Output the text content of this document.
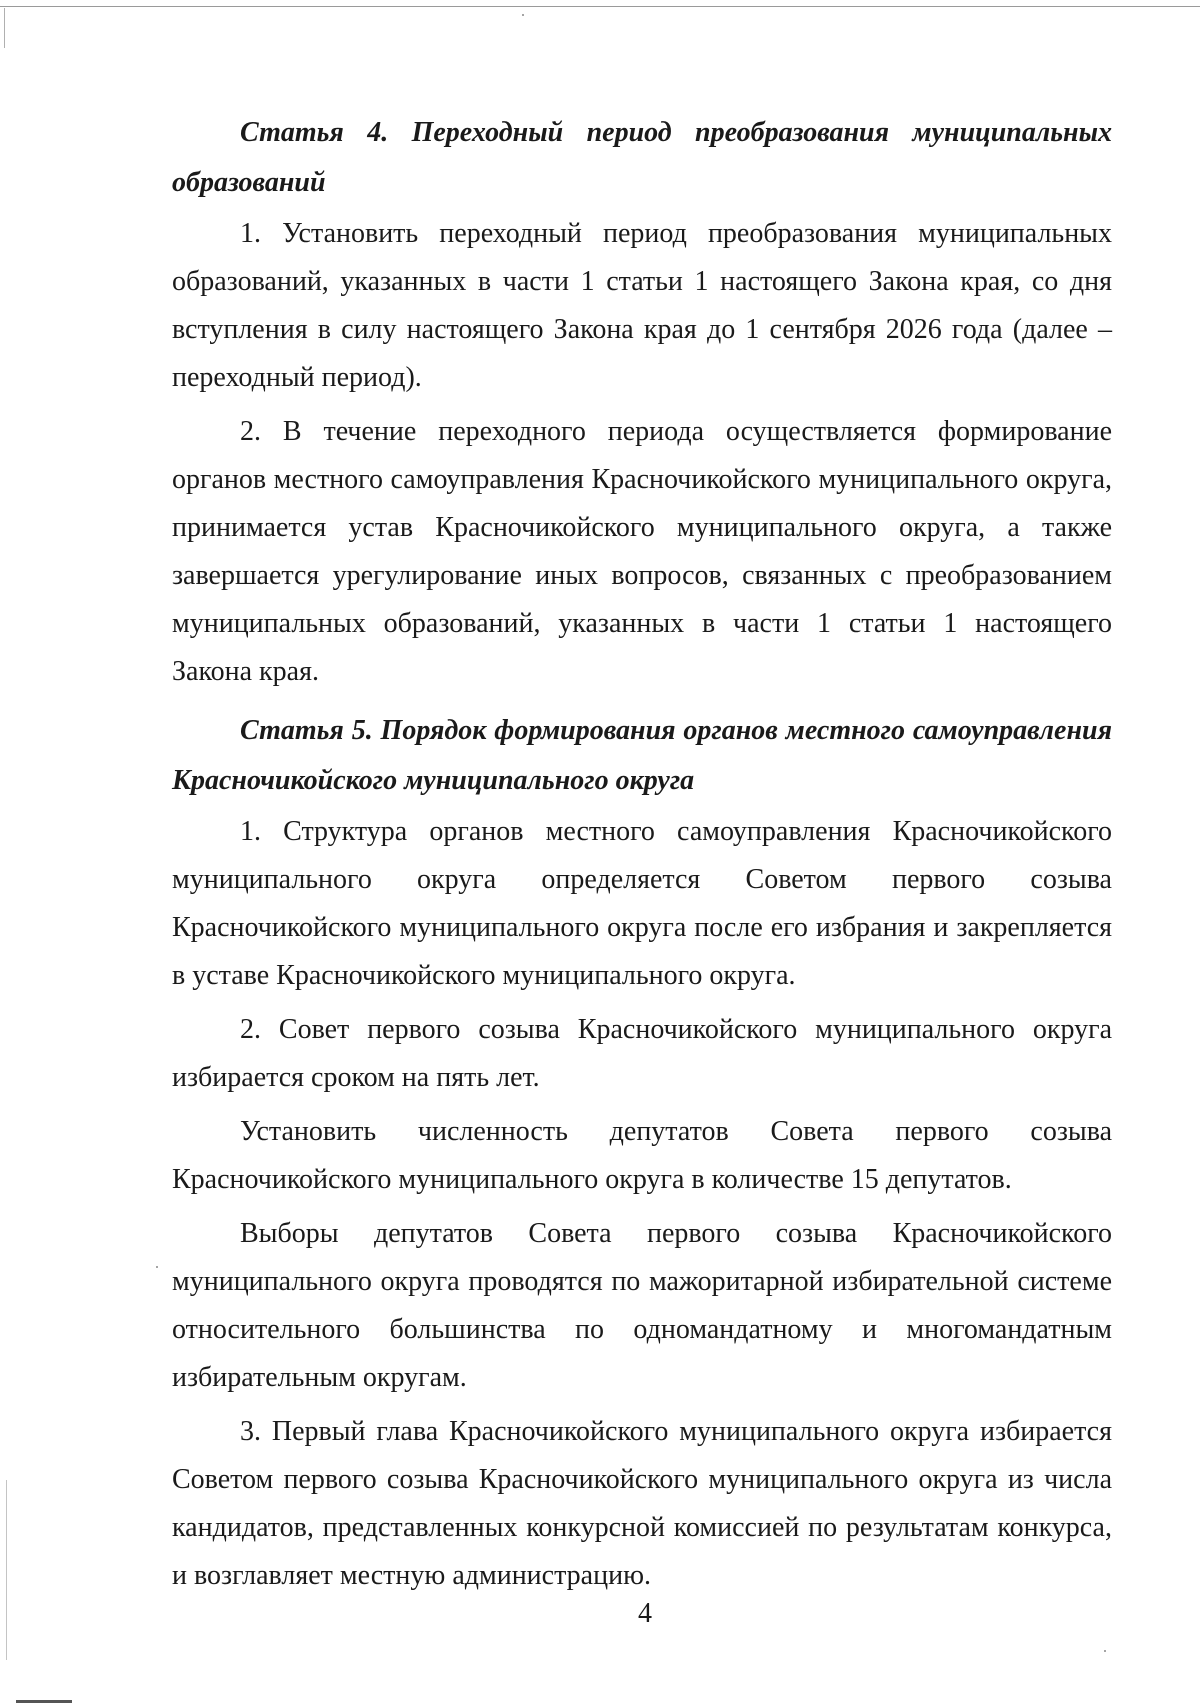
Статья 4. Переходный период преобразования муниципальных образований

1. Установить переходный период преобразования муниципальных образований, указанных в части 1 статьи 1 настоящего Закона края, со дня вступления в силу настоящего Закона края до 1 сентября 2026 года (далее – переходный период).

2. В течение переходного периода осуществляется формирование органов местного самоуправления Красночикойского муниципального округа, принимается устав Красночикойского муниципального округа, а также завершается урегулирование иных вопросов, связанных с преобразованием муниципальных образований, указанных в части 1 статьи 1 настоящего Закона края.

Статья 5. Порядок формирования органов местного самоуправления Красночикойского муниципального округа

1. Структура органов местного самоуправления Красночикойского муниципального округа определяется Советом первого созыва Красночикойского муниципального округа после его избрания и закрепляется в уставе Красночикойского муниципального округа.

2. Совет первого созыва Красночикойского муниципального округа избирается сроком на пять лет.

Установить численность депутатов Совета первого созыва Красночикойского муниципального округа в количестве 15 депутатов.

Выборы депутатов Совета первого созыва Красночикойского муниципального округа проводятся по мажоритарной избирательной системе относительного большинства по одномандатному и многомандатным избирательным округам.

3. Первый глава Красночикойского муниципального округа избирается Советом первого созыва Красночикойского муниципального округа из числа кандидатов, представленных конкурсной комиссией по результатам конкурса, и возглавляет местную администрацию.

4
